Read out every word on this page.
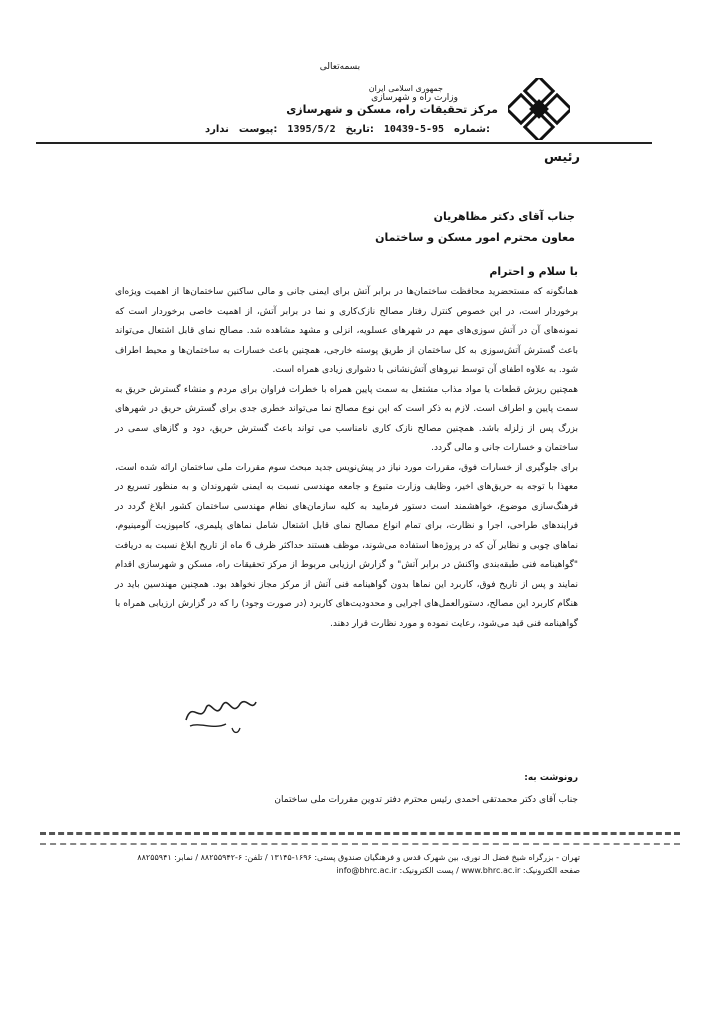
بسمه‌تعالی
جمهوری اسلامی ایران
وزارت راه و شهرسازی
مرکز تحقیقات راه، مسکن و شهرسازی
شماره:
10439-5-95
تاریخ:
1395/5/2
پیوست:
ندارد
رئیس
جناب آقای دکتر مظاهریان
معاون محترم امور مسکن و ساختمان
با سلام و احترام

همانگونه که مستحضرید محافظت ساختمان‌ها در برابر آتش برای ایمنی جانی و مالی ساکنین ساختمان‌ها از اهمیت ویژه‌ای برخوردار است، در این خصوص کنترل رفتار مصالح نازک‌کاری و نما در برابر آتش، از اهمیت خاصی برخوردار است که نمونه‌های آن در آتش سوزی‌های مهم در شهرهای عسلویه، انزلی و مشهد مشاهده شد. مصالح نمای قابل اشتعال می‌تواند باعث گسترش آتش‌سوزی به کل ساختمان از طریق پوسته خارجی، همچنین باعث خسارات به ساختمان‌ها و محیط اطراف شود. به علاوه اطفای آن توسط نیروهای آتش‌نشانی با دشواری زیادی همراه است.

همچنین ریزش قطعات یا مواد مذاب مشتعل به سمت پایین همراه با خطرات فراوان برای مردم و منشاء گسترش حریق به سمت پایین و اطراف است. لازم به ذکر است که این نوع مصالح نما می‌تواند خطری جدی برای گسترش حریق در شهرهای بزرگ پس از زلزله باشد. همچنین مصالح نازک کاری نامناسب می تواند باعث گسترش حریق، دود و گازهای سمی در ساختمان و خسارات جانی و مالی گردد.

برای جلوگیری از خسارات فوق، مقررات مورد نیاز در پیش‌نویس جدید مبحث سوم مقررات ملی ساختمان ارائه شده است، معهذا با توجه به حریق‌های اخیر، وظایف وزارت متبوع و جامعه مهندسی نسبت به ایمنی شهروندان و به منظور تسریع در فرهنگ‌سازی موضوع، خواهشمند است دستور فرمایید به کلیه سازمان‌های نظام مهندسی ساختمان کشور ابلاغ گردد در فرایندهای طراحی، اجرا و نظارت، برای تمام انواع مصالح نمای قابل اشتعال شامل نماهای پلیمری، کامپوزیت آلومینیوم، نماهای چوبی و نظایر آن که در پروژه‌ها استفاده می‌شوند، موظف هستند حداکثر ظرف 6 ماه از تاریخ ابلاغ نسبت به دریافت "گواهینامه فنی طبقه‌بندی واکنش در برابر آتش" و گزارش ارزیابی مربوط از مرکز تحقیقات راه، مسکن و شهرسازی اقدام نمایند و پس از تاریخ فوق، کاربرد این نماها بدون گواهینامه فنی آتش از مرکز مجاز نخواهد بود. همچنین مهندسین باید در هنگام کاربرد این مصالح، دستورالعمل‌های اجرایی و محدودیت‌های کاربرد (در صورت وجود) را که در گزارش ارزیابی همراه با گواهینامه فنی قید می‌شود، رعایت نموده و مورد نظارت قرار دهند.

رونوشت به:
جناب آقای دکتر محمدتقی احمدی رئیس محترم دفتر تدوین مقررات ملی ساختمان
تهران - بزرگراه شیخ فضل الـ نوری، بین شهرک قدس و فرهنگیان صندوق پستی: ۱۶۹۶-۱۳۱۴۵ / تلفن: ۶-۸۸۲۵۵۹۴۲ / نمابر: ۸۸۲۵۵۹۴۱
صفحه الکترونیک: www.bhrc.ac.ir / پست الکترونیک: info@bhrc.ac.ir
